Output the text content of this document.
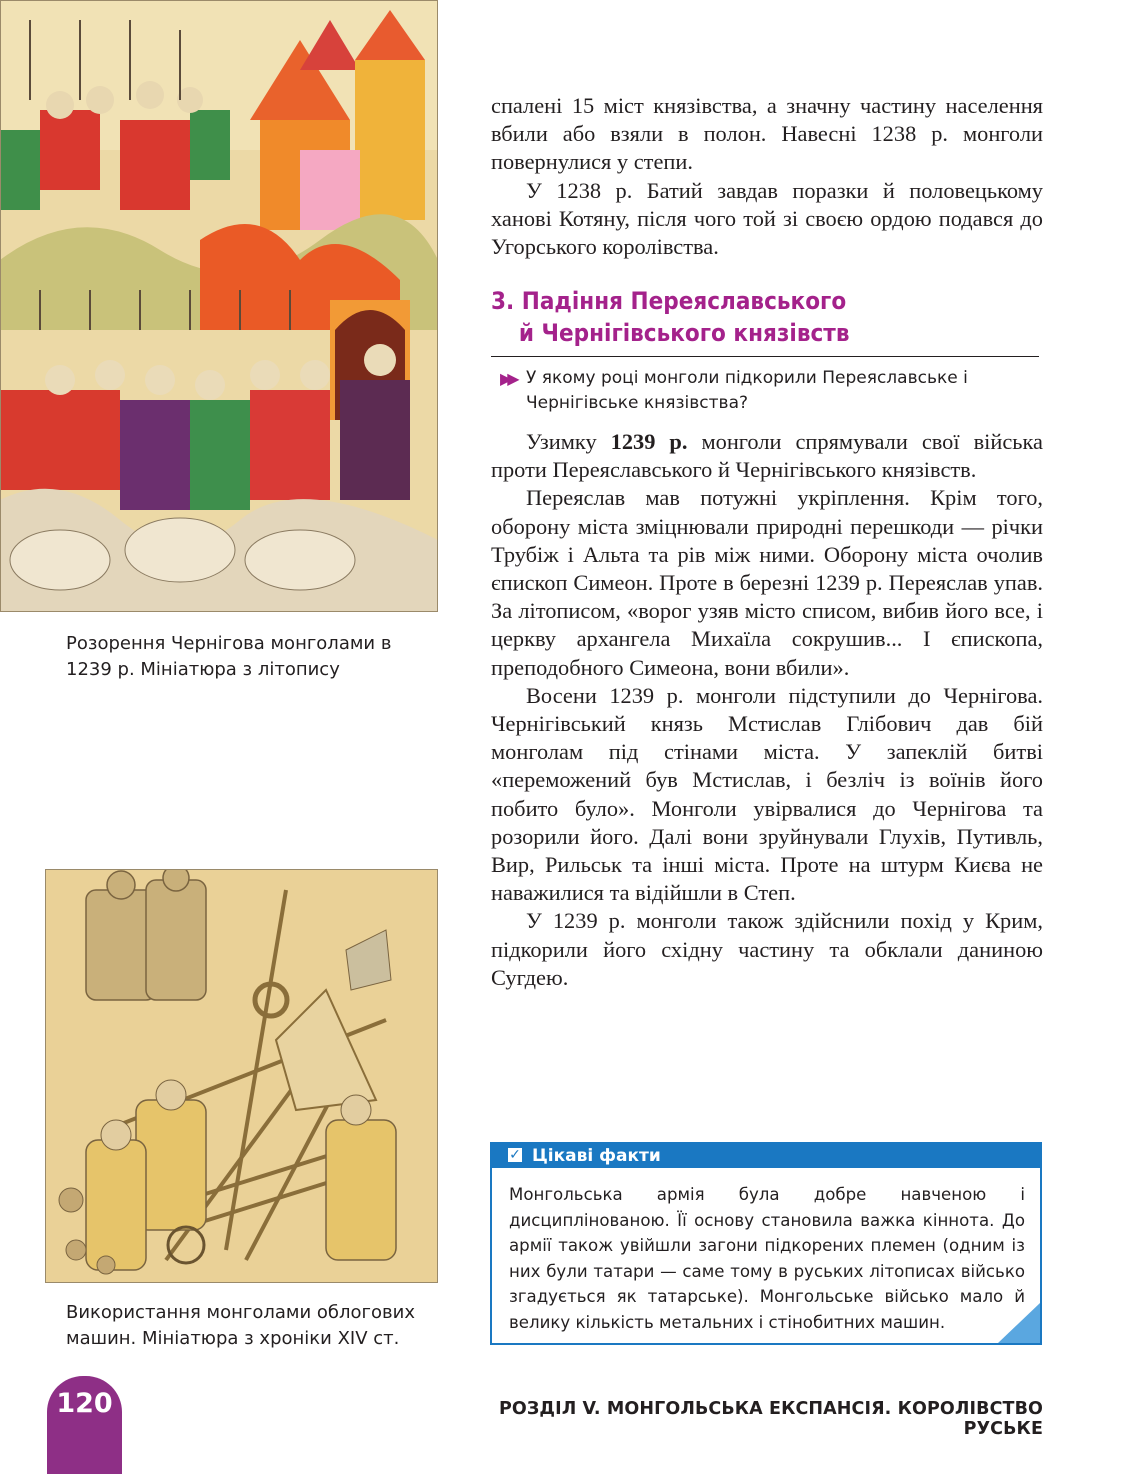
Розорення Чернігова монголами в 1239 р. Мініатюра з літопису
Використання монголами облогових машин. Мініатюра з хроніки XIV ст.

спалені 15 міст князівства, а значну частину населення вбили або взяли в полон. Навесні 1238 р. монголи повернулися у степи.

У 1238 р. Батий завдав поразки й половецькому ханові Котяну, після чого той зі своєю ордою подався до Угорського королівства.

3. Падіння Переяславського
й Чернігівського князівств
▶▶ У якому році монголи підкорили Переяславське і Чернігівське князівства?

Узимку 1239 р. монголи спрямували свої війська проти Переяславського й Чернігівського князівств.

Переяслав мав потужні укріплення. Крім того, оборону міста зміцнювали природні перешкоди — річки Трубіж і Альта та рів між ними. Оборону міста очолив єпископ Симеон. Проте в березні 1239 р. Переяслав упав. За літописом, «ворог узяв місто списом, вибив його все, і церкву архангела Михаїла сокрушив... І єпископа, преподобного Симеона, вони вбили».

Восени 1239 р. монголи підступили до Чернігова. Чернігівський князь Мстислав Глібович дав бій монголам під стінами міста. У запеклій битві «переможений був Мстислав, і безліч із воїнів його побито було». Монголи увірвалися до Чернігова та розорили його. Далі вони зруйнували Глухів, Путивль, Вир, Рильськ та інші міста. Проте на штурм Києва не наважилися та відійшли в Степ.

У 1239 р. монголи також здійснили похід у Крим, підкорили його східну частину та обклали даниною Сугдею.

✓ Цікаві факти
Монгольська армія була добре навченою і дисциплінованою. Її основу становила важка кіннота. До армії також увійшли загони підкорених племен (одним із них були татари — саме тому в руських літописах військо згадується як татарське). Монгольське військо мало й велику кількість метальних і стінобитних машин.
120	РОЗДІЛ V. МОНГОЛЬСЬКА ЕКСПАНСІЯ. КОРОЛІВСТВО РУСЬКЕ
